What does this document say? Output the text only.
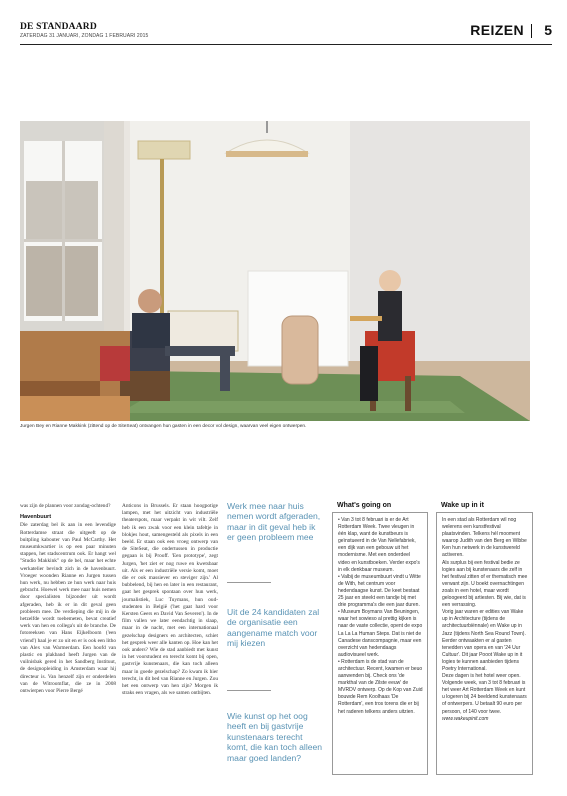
DE STANDAARD
ZATERDAG 31 JANUARI, ZONDAG 1 FEBRUARI 2015	REIZEN 5
Jurgen Bey en Rianne Makkink (zittend op de SiteSeat) ontvangen hun gasten in een decor vol design, waarvan veel eigen ontwerpen.

was zijn de plannen voor zondag-ochtend?

Havenbuurt

Die zaterdag bel ik aan in een levendige Rotterdamse straat die uitgeeft op de buitpling kabouter van Paul McCarthy. Het museumkwartier is op een paar minuten stappen, het stadscentrum ook. Er hangt wel "Studio Makkink" op de bel, maar het echte werkatelier bevindt zich in de havenbuurt. Vroeger woonden Rianne en Jurgen tussen hun werk, nu hebben ze hun werk naar huis gebracht. Hoewel werk mee naar huis nemen door specialisten bijzonder uit wordt afgeraden, heb ik er in dit geval geen probleem mee. De verdieping die mij in de hetzelfde wordt toebemeten, bevat creatief werk van hen en collega's uit de branche. De fotoreeksen van Hans Eijkelboom ('een vriend') haal je er zo uit en er is ook een litho van Alex van Warmerdam. Een hoofd van plastic en plakband heeft Jurgen van de vuilnisbak gered in het Sandberg Instituut, de designopleiding in Amsterdam waar hij directeur is. Van henzelf zijn er onderdelen van de Witroomflat, die ze in 2008 ontwierpen voor Pierre Bergé

Anticons in Brussels. Er staan hoogpotige lampen, met het uitzicht van industriële theaterspots, maar verpakt in wit vilt. Zelf heb ik een zwak voor een klein tafeltje in blokjes hout, samengesteld als pixels in een beeld. Er staan ook een vroeg ontwerp van de SiteSeat, die ondertussen in productie gegaan is bij Prooff. 'Een prototype', zegt Jurgen, 'het ziet er nog ruwe en kwetsbaar uit. Als er een industriële versie komt, moet die er ook massiever en steviger zijn.' Al bubbelend, bij hen en later in een restaurant, gaat het gesprek spontaan over hun werk, journalistiek, Luc Tuymans, hun oud-studenten in België ('het gaat hard voor Kersten Geers en David Van Severen'). In de film vallen we later eendachtig in slaap, maar in de nacht, met een internationaal gezelschap designers en architecten, schiet het gesprek weer alle kanten op. Hoe kan het ook anders? Wie de stad aanbiedt met kunst in het voorstudent en terecht komt bij open, gastvrije kunstenaars, die kan toch alleen maar in goede gezelschap? Zo kwam ik hier terecht, in dit bed van Rianne en Jurgen. Zou het een ontwerp van hen zijn? Morgen ik straks een vragen, als we samen ontbijten.

Werk mee naar huis nemen wordt afgeraden, maar in dit geval heb ik er geen probleem mee
Uit de 24 kandidaten zal de organisatie een aangename match voor mij kiezen
Wie kunst op het oog heeft en bij gastvrije kunstenaars terecht komt, die kan toch alleen maar goed landen?
What's going on

• Van 3 tot 8 februari is er de Art Rotterdam Week. Twee vleugen in één klap, want de kunstbeurs is geïnstueerd in de Van Nellefabriek, een dijk van een gebouw uit het modernisme. Met een onderdeel video en kunstboeken. Verder expo's in elk denkbaar museum.

• Valbij de museumbuurt vindt u Witte de With, het centrum voor hedendaagse kunst. De keet bestaat 25 jaar en steekt een tandje bij met drie programma's die een jaar duren.

• Museum Boymans Van Beuningen, waar het sowieso al prettig kijken is naar de vaste collectie, opent de expo La La La Human Steps. Dat is niet de Canadese danscompagnie, maar een overzicht van hedendaags audiovisueel werk.

• Rotterdam is de stad van de architectuur. Recent, kwamen er beuo aanwenden bij. Check ons 'de markthal van de Zilste eeuw' de MVRDV ontwerp. Op de Kop van Zuid bouwde Rem Koolhaas 'De Rotterdam', een tros torens die er bij het raderen telkens anders uitzien.

Wake up in it

In een stad als Rotterdam wil nog welerens een kunstfestival plaatsvinden. Telkens hél mooment waarop Judith van den Berg en Wibbe Ken hun netwerk in de kunstwereld activeren.

Als surplus bij een festival bedie ze logies aan bij kunstenaars die zelf in het festival zitten of er thematisch mee verwant zijn. U boekt overnachtingen zoals in een hotel, maar wordt geloogeerd bij artiesten. Bij wie, dat is een verrassing.

Vorig jaar waren er edities van Wake up in Architecture (tijdens de architectuurbiënnale) en Wake up in Jazz (tijdens North Sea Round Town).

Eerder ontwaakten er al gasten tenedden van opera en van '24 Uur Cultuur'. Dit jaar Pooot Wake up in it logies te kunnen aanbieden tijdens Poetry International.

Deze dagen is het hotel weer open. Volgende week, van 3 tot 8 februari is het weer Art Rotterdam Week en kunt u logeren bij 24 beeldend kunstenaars of ontwerpers. U betaalt 90 euro per persoon, of 140 voor twee.

www.wakeupinit.com
